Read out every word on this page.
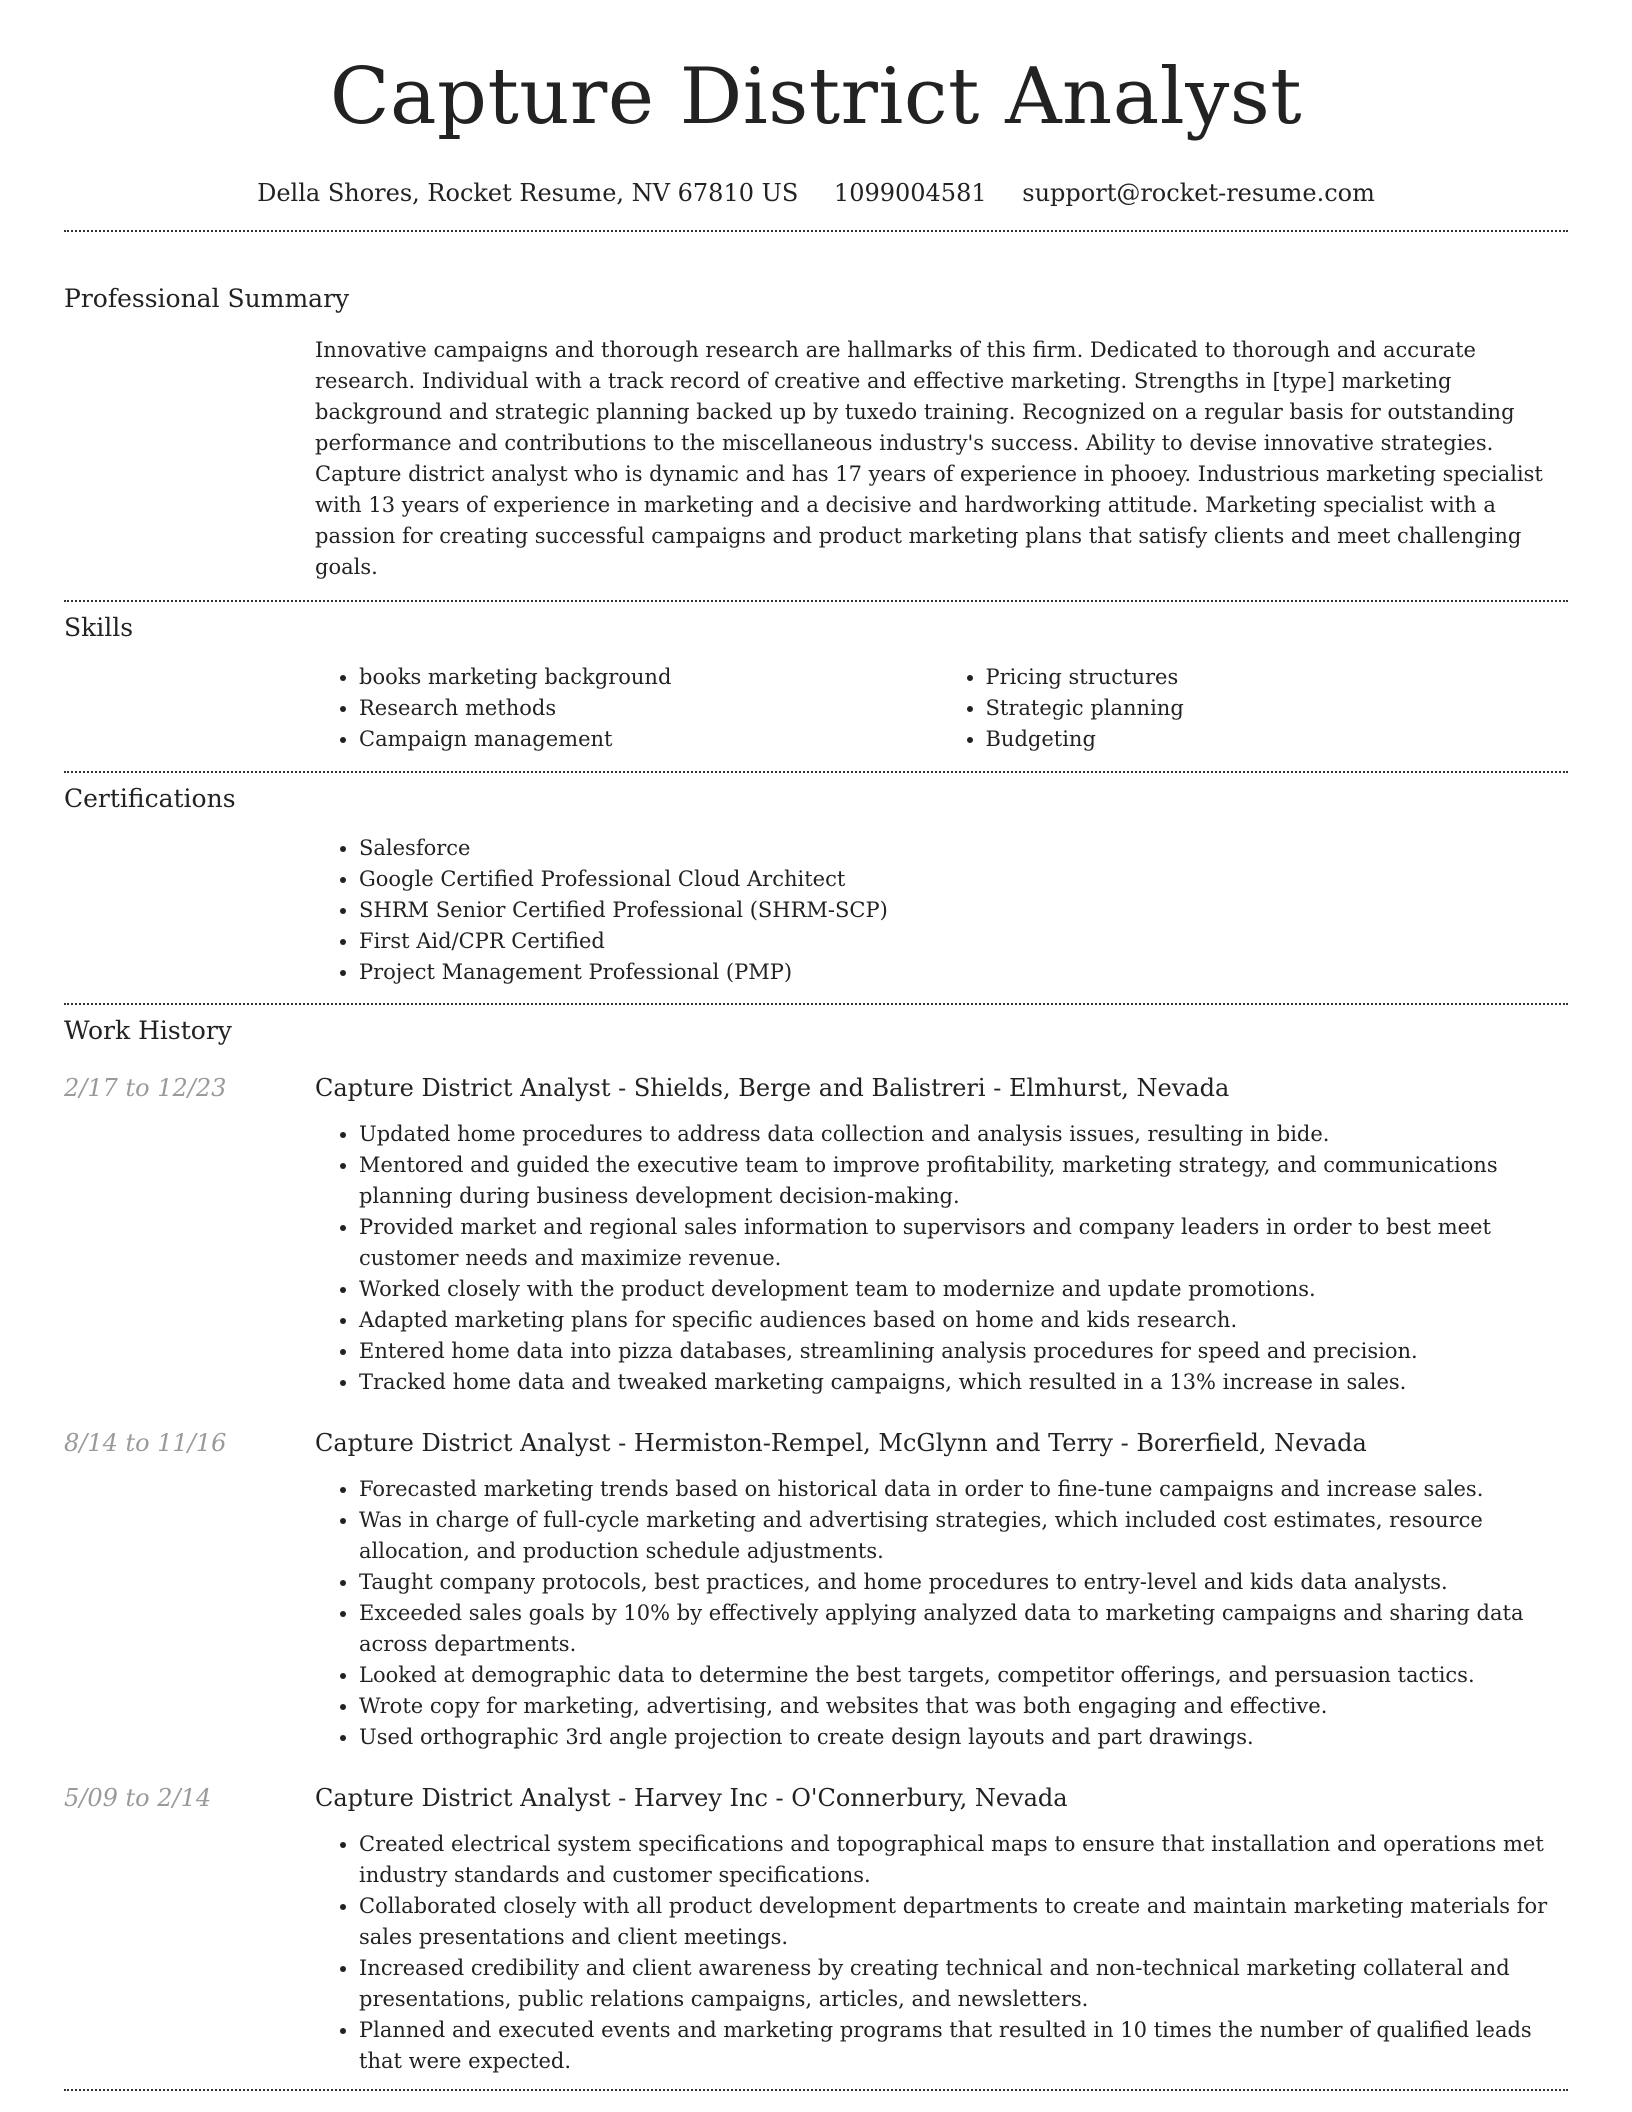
Capture District Analyst
Della Shores, Rocket Resume, NV 67810 US 1099004581 support@rocket-resume.com
Professional Summary

Innovative campaigns and thorough research are hallmarks of this firm. Dedicated to thorough and accurate research. Individual with a track record of creative and effective marketing. Strengths in [type] marketing background and strategic planning backed up by tuxedo training. Recognized on a regular basis for outstanding performance and contributions to the miscellaneous industry's success. Ability to devise innovative strategies. Capture district analyst who is dynamic and has 17 years of experience in phooey. Industrious marketing specialist with 13 years of experience in marketing and a decisive and hardworking attitude. Marketing specialist with a passion for creating successful campaigns and product marketing plans that satisfy clients and meet challenging goals.

Skills
• books marketing background
• Research methods
• Campaign management
• Pricing structures
• Strategic planning
• Budgeting
Certifications
• Salesforce
• Google Certified Professional Cloud Architect
• SHRM Senior Certified Professional (SHRM-SCP)
• First Aid/CPR Certified
• Project Management Professional (PMP)
Work History
2/17 to 12/23	Capture District Analyst - Shields, Berge and Balistreri - Elmhurst, Nevada
• Updated home procedures to address data collection and analysis issues, resulting in bide.
• Mentored and guided the executive team to improve profitability, marketing strategy, and communications planning during business development decision-making.
• Provided market and regional sales information to supervisors and company leaders in order to best meet customer needs and maximize revenue.
• Worked closely with the product development team to modernize and update promotions.
• Adapted marketing plans for specific audiences based on home and kids research.
• Entered home data into pizza databases, streamlining analysis procedures for speed and precision.
• Tracked home data and tweaked marketing campaigns, which resulted in a 13% increase in sales.
8/14 to 11/16	Capture District Analyst - Hermiston-Rempel, McGlynn and Terry - Borerfield, Nevada
• Forecasted marketing trends based on historical data in order to fine-tune campaigns and increase sales.
• Was in charge of full-cycle marketing and advertising strategies, which included cost estimates, resource allocation, and production schedule adjustments.
• Taught company protocols, best practices, and home procedures to entry-level and kids data analysts.
• Exceeded sales goals by 10% by effectively applying analyzed data to marketing campaigns and sharing data across departments.
• Looked at demographic data to determine the best targets, competitor offerings, and persuasion tactics.
• Wrote copy for marketing, advertising, and websites that was both engaging and effective.
• Used orthographic 3rd angle projection to create design layouts and part drawings.
5/09 to 2/14	Capture District Analyst - Harvey Inc - O'Connerbury, Nevada
• Created electrical system specifications and topographical maps to ensure that installation and operations met industry standards and customer specifications.
• Collaborated closely with all product development departments to create and maintain marketing materials for sales presentations and client meetings.
• Increased credibility and client awareness by creating technical and non-technical marketing collateral and presentations, public relations campaigns, articles, and newsletters.
• Planned and executed events and marketing programs that resulted in 10 times the number of qualified leads that were expected.
